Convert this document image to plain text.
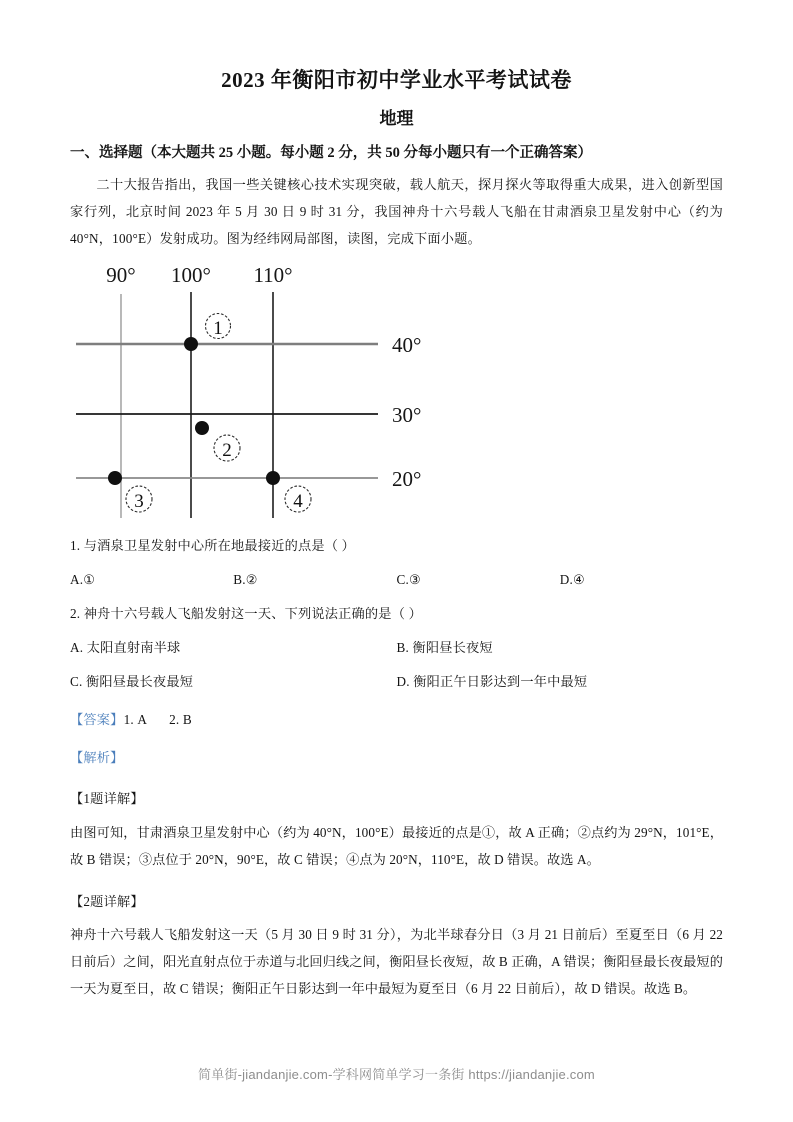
2023 年衡阳市初中学业水平考试试卷
地理

一、选择题（本大题共 25 小题。每小题 2 分，共 50 分每小题只有一个正确答案）

二十大报告指出，我国一些关键核心技术实现突破，载人航天，探月探火等取得重大成果，进入创新型国家行列，北京时间 2023 年 5 月 30 日 9 时 31 分，我国神舟十六号载人飞船在甘肃酒泉卫星发射中心（约为 40°N，100°E）发射成功。图为经纬网局部图，读图，完成下面小题。

90° 100° 110°
40°
30°
20°
1
2
3	4

1. 与酒泉卫星发射中心所在地最接近的点是（ ）

A.①	B.②	C.③	D.④

2. 神舟十六号载人飞船发射这一天、下列说法正确的是（ ）

A. 太阳直射南半球	B. 衡阳昼长夜短
C. 衡阳昼最长夜最短	D. 衡阳正午日影达到一年中最短
【答案】1. A 2. B
【解析】
【1题详解】
由图可知，甘肃酒泉卫星发射中心（约为 40°N，100°E）最接近的点是①，故 A 正确；②点约为 29°N，101°E，故 B 错误；③点位于 20°N，90°E，故 C 错误；④点为 20°N，110°E，故 D 错误。故选 A。
【2题详解】
神舟十六号载人飞船发射这一天（5 月 30 日 9 时 31 分），为北半球春分日（3 月 21 日前后）至夏至日（6 月 22 日前后）之间，阳光直射点位于赤道与北回归线之间，衡阳昼长夜短，故 B 正确，A 错误；衡阳昼最长夜最短的一天为夏至日，故 C 错误；衡阳正午日影达到一年中最短为夏至日（6 月 22 日前后），故 D 错误。故选 B。
简单街-jiandanjie.com-学科网简单学习一条街 https://jiandanjie.com
